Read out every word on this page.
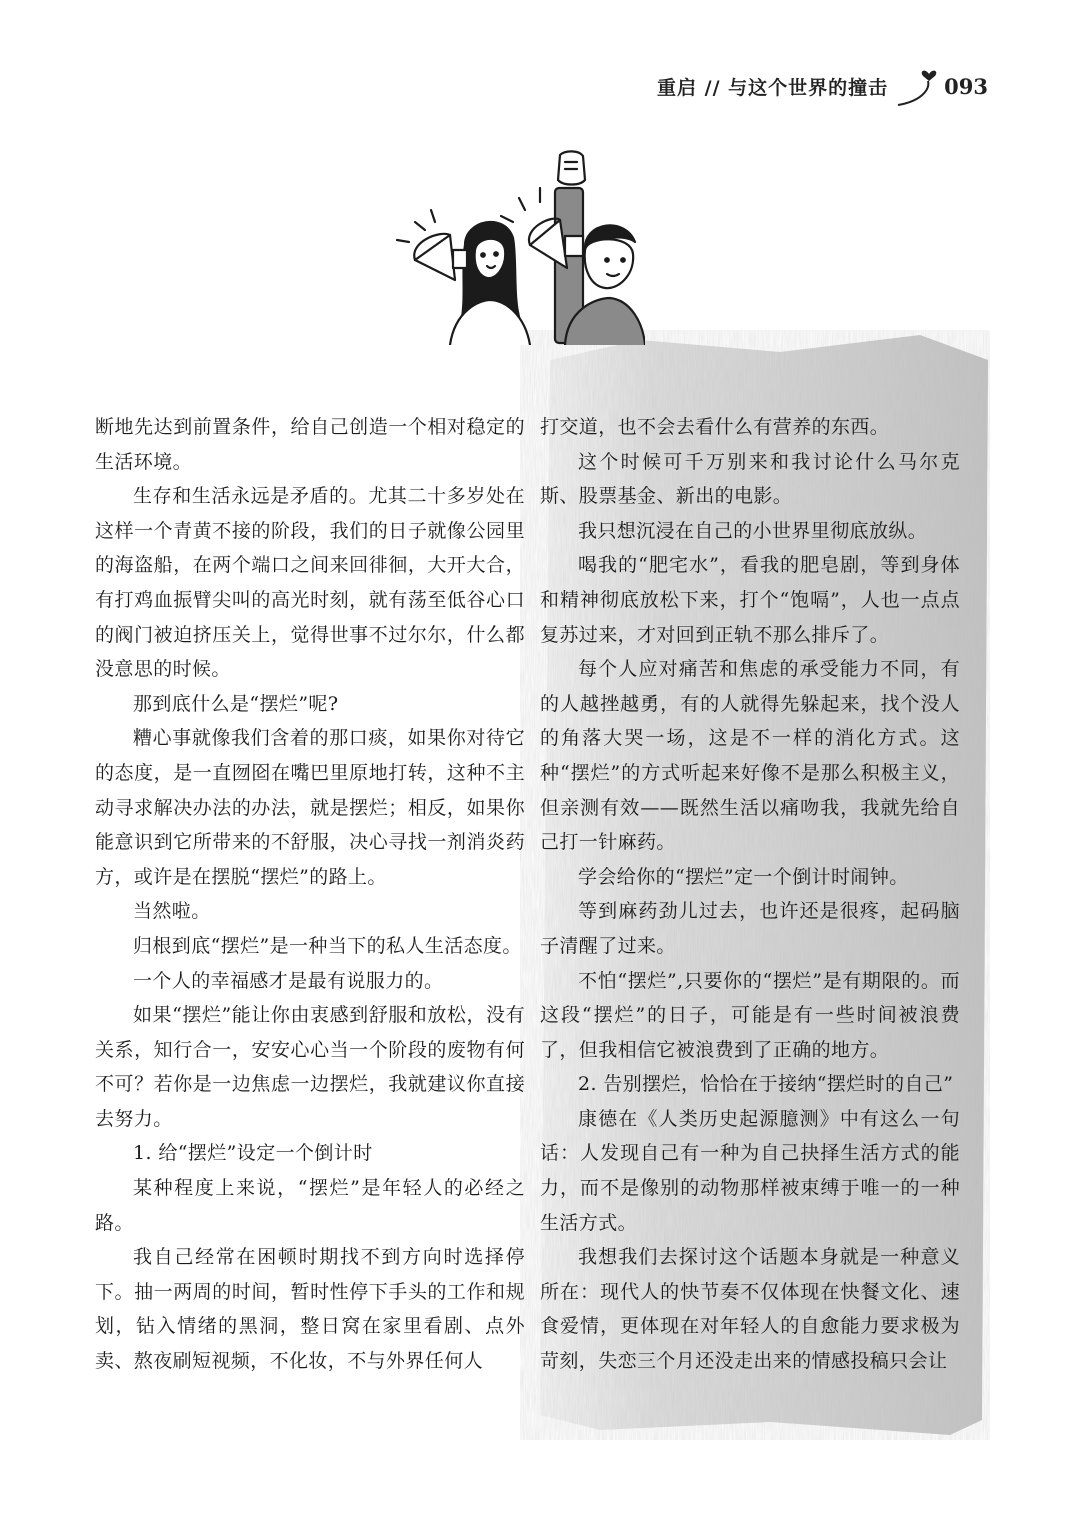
重启 // 与这个世界的撞击	093

断地先达到前置条件，给自己创造一个相对稳定的生活环境。

生存和生活永远是矛盾的。尤其二十多岁处在这样一个青黄不接的阶段，我们的日子就像公园里的海盗船，在两个端口之间来回徘徊，大开大合，有打鸡血振臂尖叫的高光时刻，就有荡至低谷心口的阀门被迫挤压关上，觉得世事不过尔尔，什么都没意思的时候。

那到底什么是“摆烂”呢?

糟心事就像我们含着的那口痰，如果你对待它的态度，是一直囫囵在嘴巴里原地打转，这种不主动寻求解决办法的办法，就是摆烂；相反，如果你能意识到它所带来的不舒服，决心寻找一剂消炎药方，或许是在摆脱“摆烂”的路上。

当然啦。

归根到底“摆烂”是一种当下的私人生活态度。

一个人的幸福感才是最有说服力的。

如果“摆烂”能让你由衷感到舒服和放松，没有关系，知行合一，安安心心当一个阶段的废物有何不可？若你是一边焦虑一边摆烂，我就建议你直接去努力。

1. 给“摆烂”设定一个倒计时

某种程度上来说，“摆烂”是年轻人的必经之路。

我自己经常在困顿时期找不到方向时选择停下。抽一两周的时间，暂时性停下手头的工作和规划，钻入情绪的黑洞，整日窝在家里看剧、点外卖、熬夜刷短视频，不化妆，不与外界任何人

打交道，也不会去看什么有营养的东西。

这个时候可千万别来和我讨论什么马尔克斯、股票基金、新出的电影。

我只想沉浸在自己的小世界里彻底放纵。

喝我的“肥宅水”，看我的肥皂剧，等到身体和精神彻底放松下来，打个“饱嗝”，人也一点点复苏过来，才对回到正轨不那么排斥了。

每个人应对痛苦和焦虑的承受能力不同，有的人越挫越勇，有的人就得先躲起来，找个没人的角落大哭一场，这是不一样的消化方式。这种“摆烂”的方式听起来好像不是那么积极主义，但亲测有效——既然生活以痛吻我，我就先给自己打一针麻药。

学会给你的“摆烂”定一个倒计时闹钟。

等到麻药劲儿过去，也许还是很疼，起码脑子清醒了过来。

不怕“摆烂”,只要你的“摆烂”是有期限的。而这段“摆烂”的日子，可能是有一些时间被浪费了，但我相信它被浪费到了正确的地方。

2. 告别摆烂，恰恰在于接纳“摆烂时的自己”

康德在《人类历史起源臆测》中有这么一句话：人发现自己有一种为自己抉择生活方式的能力，而不是像别的动物那样被束缚于唯一的一种生活方式。

我想我们去探讨这个话题本身就是一种意义所在：现代人的快节奏不仅体现在快餐文化、速食爱情，更体现在对年轻人的自愈能力要求极为苛刻，失恋三个月还没走出来的情感投稿只会让
